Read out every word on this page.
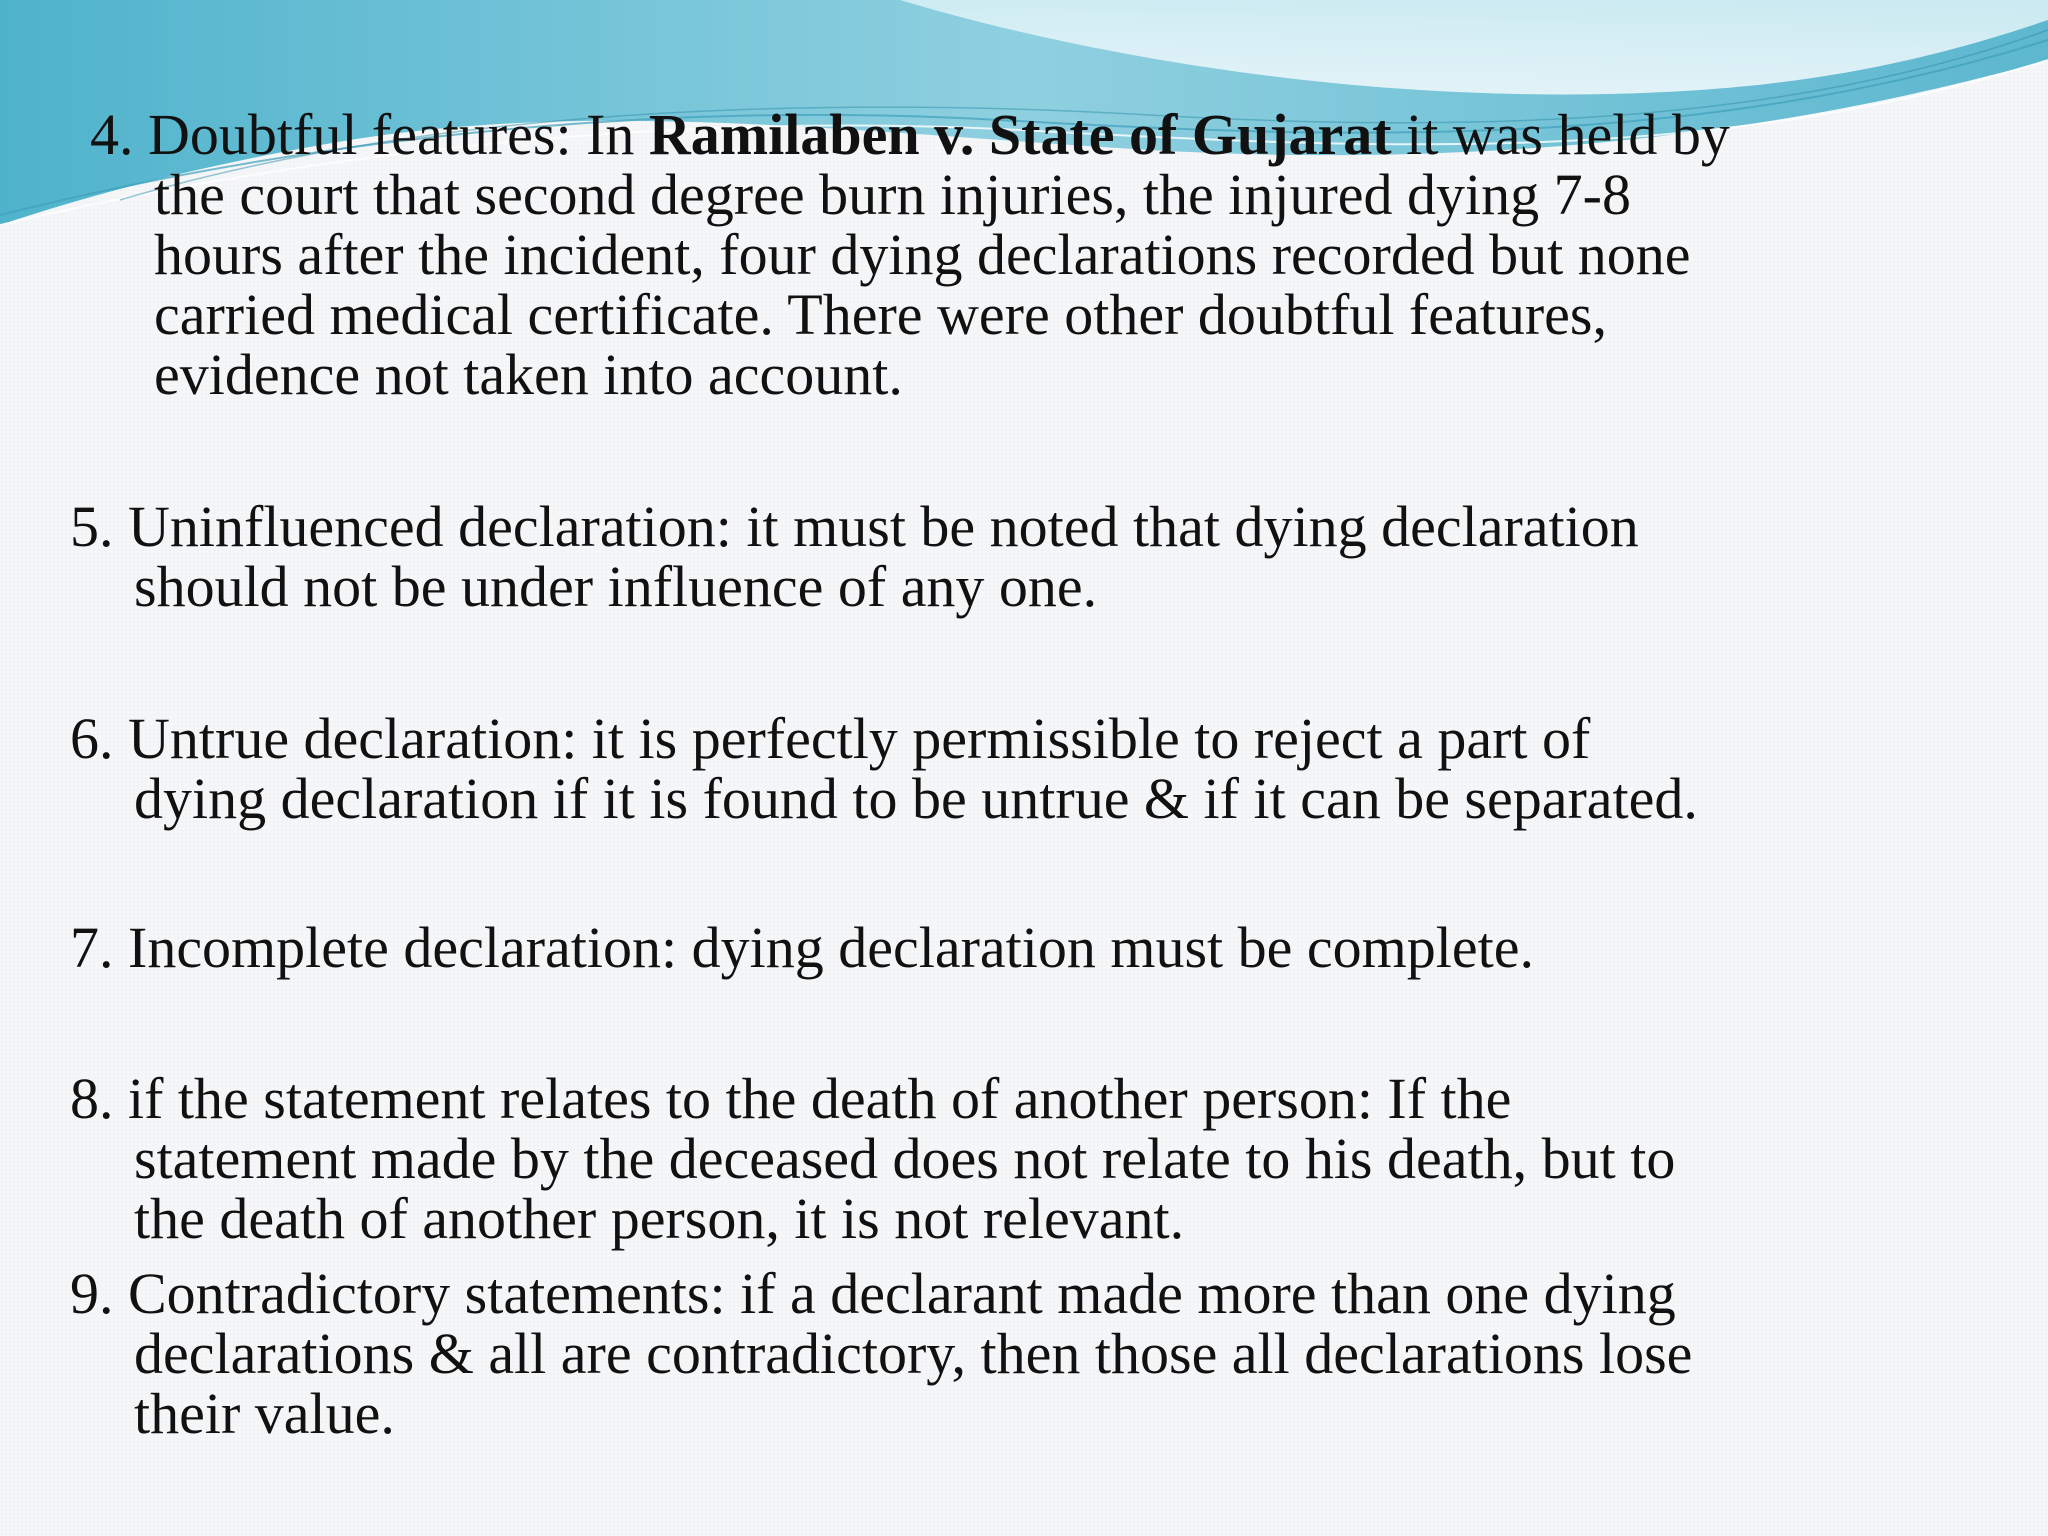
4. Doubtful features: In Ramilaben v. State of Gujarat it was held by
the court that second degree burn injuries, the injured dying 7-8
hours after the incident, four dying declarations recorded but none
carried medical certificate. There were other doubtful features,
evidence not taken into account.

5. Uninfluenced declaration: it must be noted that dying declaration
should not be under influence of any one.

6. Untrue declaration: it is perfectly permissible to reject a part of
dying declaration if it is found to be untrue & if it can be separated.

7. Incomplete declaration: dying declaration must be complete.

8. if the statement relates to the death of another person: If the
statement made by the deceased does not relate to his death, but to
the death of another person, it is not relevant.

9. Contradictory statements: if a declarant made more than one dying
declarations & all are contradictory, then those all declarations lose
their value.
